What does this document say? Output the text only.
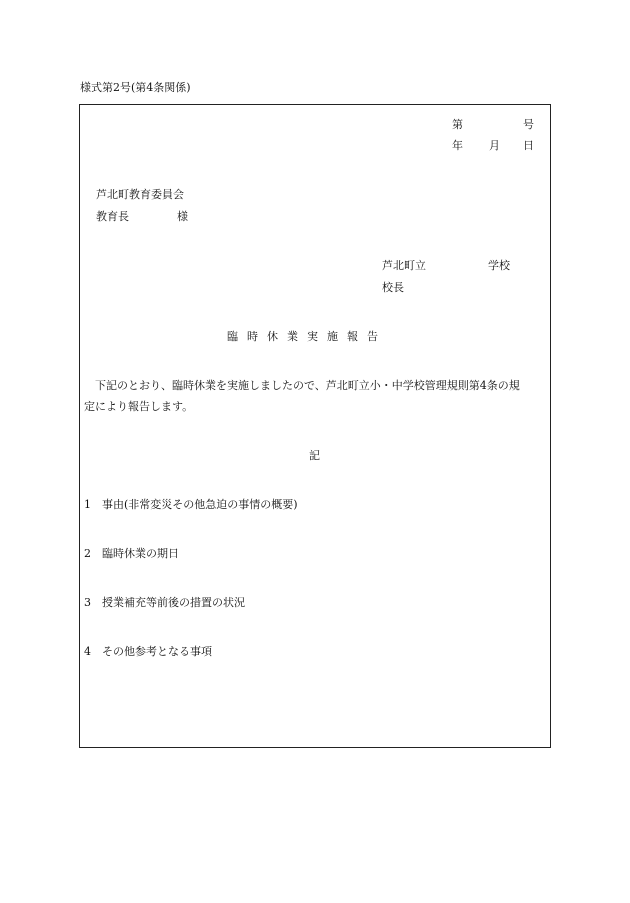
様式第2号(第4条関係)
第	号
年 月 日
芦北町教育委員会
教育長	様
芦北町立	学校
校長
臨時休業実施報告
下記のとおり、臨時休業を実施しましたので、芦北町立小・中学校管理規則第4条の規
定により報告します。
記
1 事由(非常変災その他急迫の事情の概要)
2 臨時休業の期日
3 授業補充等前後の措置の状況
4 その他参考となる事項
